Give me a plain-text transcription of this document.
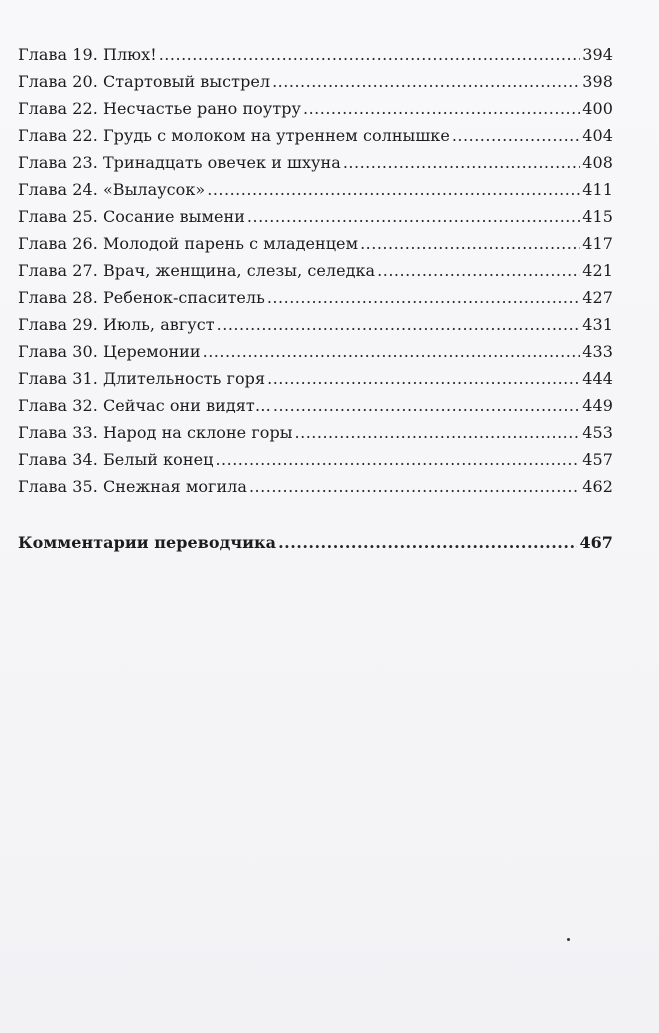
Глава 19. Плюх! .....	394
Глава 20. Стартовый выстрел .....	398
Глава 22. Несчастье рано поутру .....	400
Глава 22. Грудь с молоком на утреннем солнышке .....	404
Глава 23. Тринадцать овечек и шхуна .....	408
Глава 24. «Вылаусок» .....	411
Глава 25. Сосание вымени .....	415
Глава 26. Молодой парень с младенцем .....	417
Глава 27. Врач, женщина, слезы, селедка .....	421
Глава 28. Ребенок-спаситель .....	427
Глава 29. Июль, август .....	431
Глава 30. Церемонии .....	433
Глава 31. Длительность горя .....	444
Глава 32. Сейчас они видят… .....	449
Глава 33. Народ на склоне горы .....	453
Глава 34. Белый конец .....	457
Глава 35. Снежная могила .....	462
Комментарии переводчика .....	467
